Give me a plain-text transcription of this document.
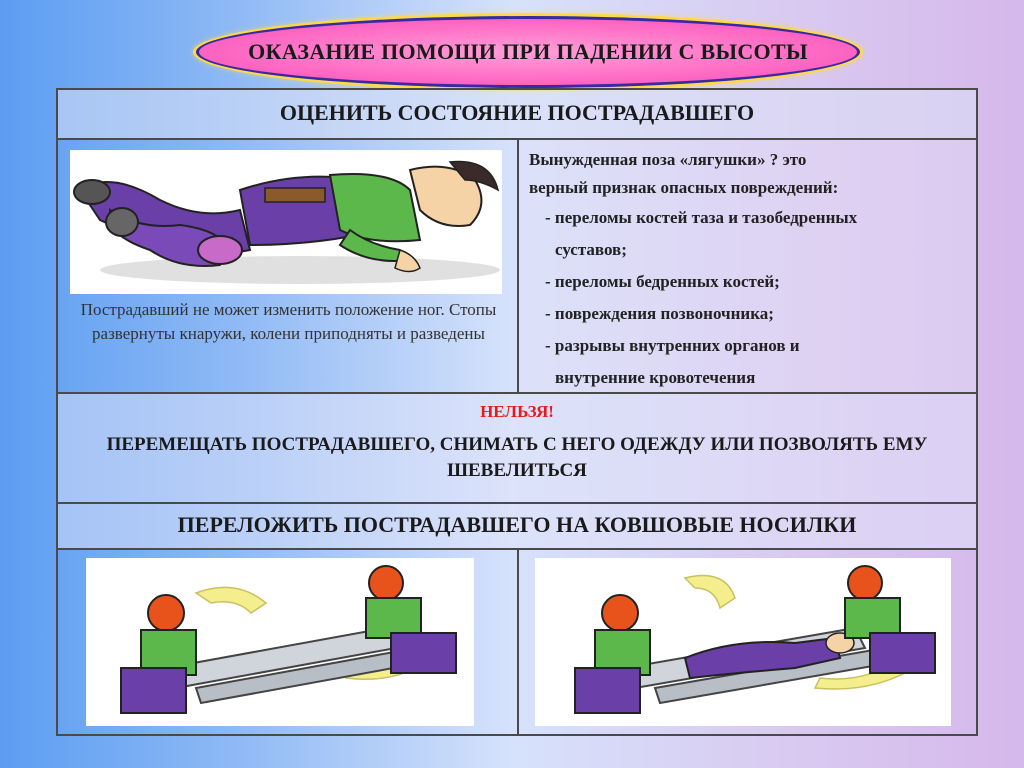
ОКАЗАНИЕ ПОМОЩИ ПРИ ПАДЕНИИ С ВЫСОТЫ
ОЦЕНИТЬ СОСТОЯНИЕ ПОСТРАДАВШЕГО
Пострадавший не может изменить положение ног. Стопы развернуты кнаружи, колени приподняты и разведены
Вынужденная поза «лягушки» ? это
верный признак опасных повреждений:
- переломы костей таза и тазобедренных
суставов;
- переломы бедренных костей;
- повреждения позвоночника;
- разрывы внутренних органов и
внутренние кровотечения
НЕЛЬЗЯ!
ПЕРЕМЕЩАТЬ ПОСТРАДАВШЕГО, СНИМАТЬ С НЕГО ОДЕЖДУ ИЛИ ПОЗВОЛЯТЬ ЕМУ ШЕВЕЛИТЬСЯ
ПЕРЕЛОЖИТЬ ПОСТРАДАВШЕГО НА КОВШОВЫЕ НОСИЛКИ
